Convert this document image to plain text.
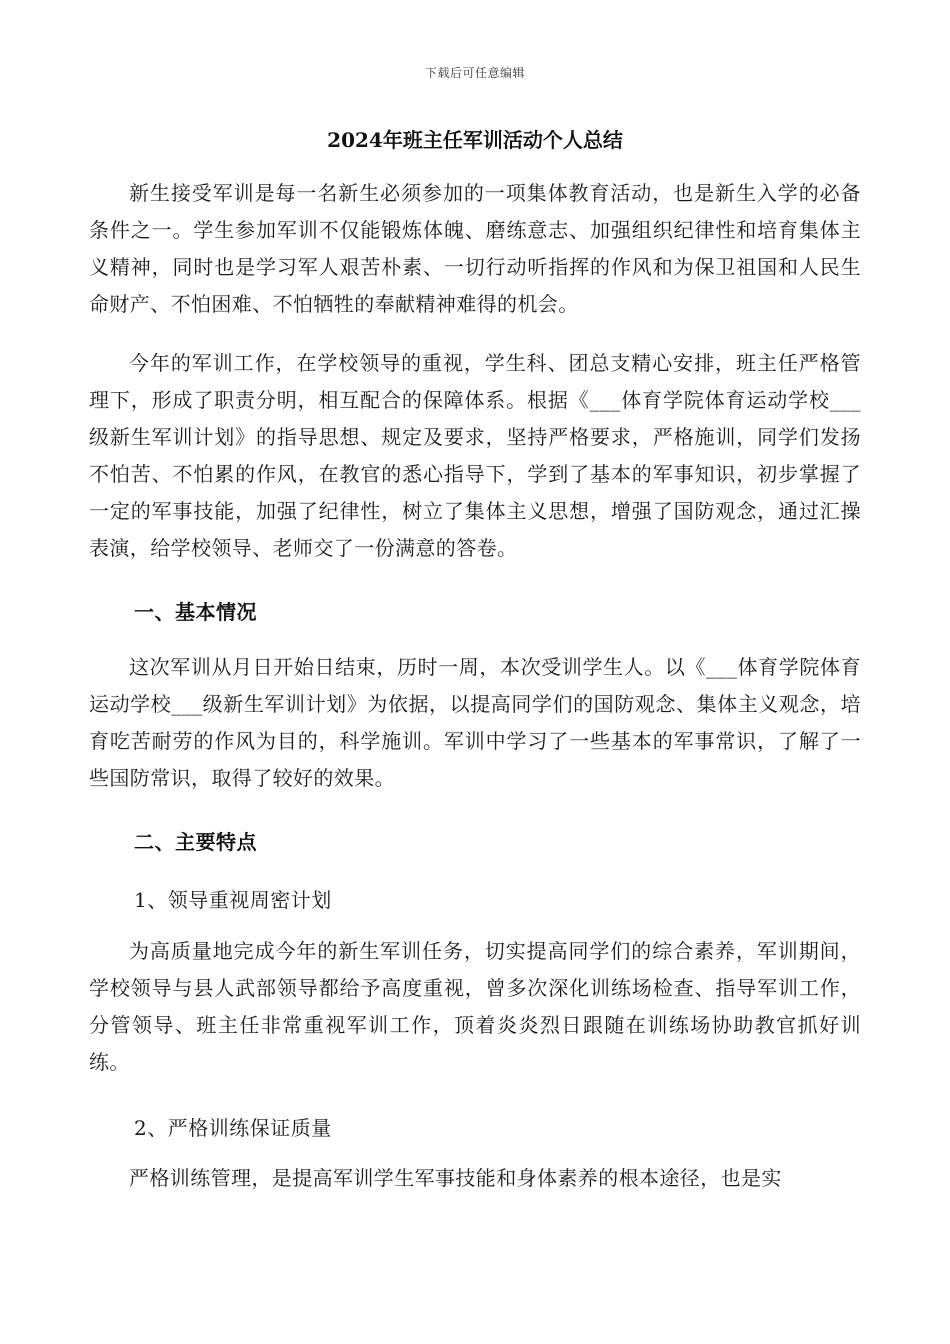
下载后可任意编辑
2024年班主任军训活动个人总结
新生接受军训是每一名新生必须参加的一项集体教育活动，也是新生入学的必备条件之一。学生参加军训不仅能锻炼体魄、磨练意志、加强组织纪律性和培育集体主义精神，同时也是学习军人艰苦朴素、一切行动听指挥的作风和为保卫祖国和人民生命财产、不怕困难、不怕牺牲的奉献精神难得的机会。
今年的军训工作，在学校领导的重视，学生科、团总支精心安排，班主任严格管理下，形成了职责分明，相互配合的保障体系。根据《___体育学院体育运动学校___级新生军训计划》的指导思想、规定及要求，坚持严格要求，严格施训，同学们发扬不怕苦、不怕累的作风，在教官的悉心指导下，学到了基本的军事知识，初步掌握了一定的军事技能，加强了纪律性，树立了集体主义思想，增强了国防观念，通过汇操表演，给学校领导、老师交了一份满意的答卷。
一、基本情况
这次军训从月日开始日结束，历时一周，本次受训学生人。以《___体育学院体育运动学校___级新生军训计划》为依据，以提高同学们的国防观念、集体主义观念，培育吃苦耐劳的作风为目的，科学施训。军训中学习了一些基本的军事常识，了解了一些国防常识，取得了较好的效果。
二、主要特点
1、领导重视周密计划
为高质量地完成今年的新生军训任务，切实提高同学们的综合素养，军训期间，学校领导与县人武部领导都给予高度重视，曾多次深化训练场检查、指导军训工作，分管领导、班主任非常重视军训工作，顶着炎炎烈日跟随在训练场协助教官抓好训练。
2、严格训练保证质量
严格训练管理，是提高军训学生军事技能和身体素养的根本途径，也是实
